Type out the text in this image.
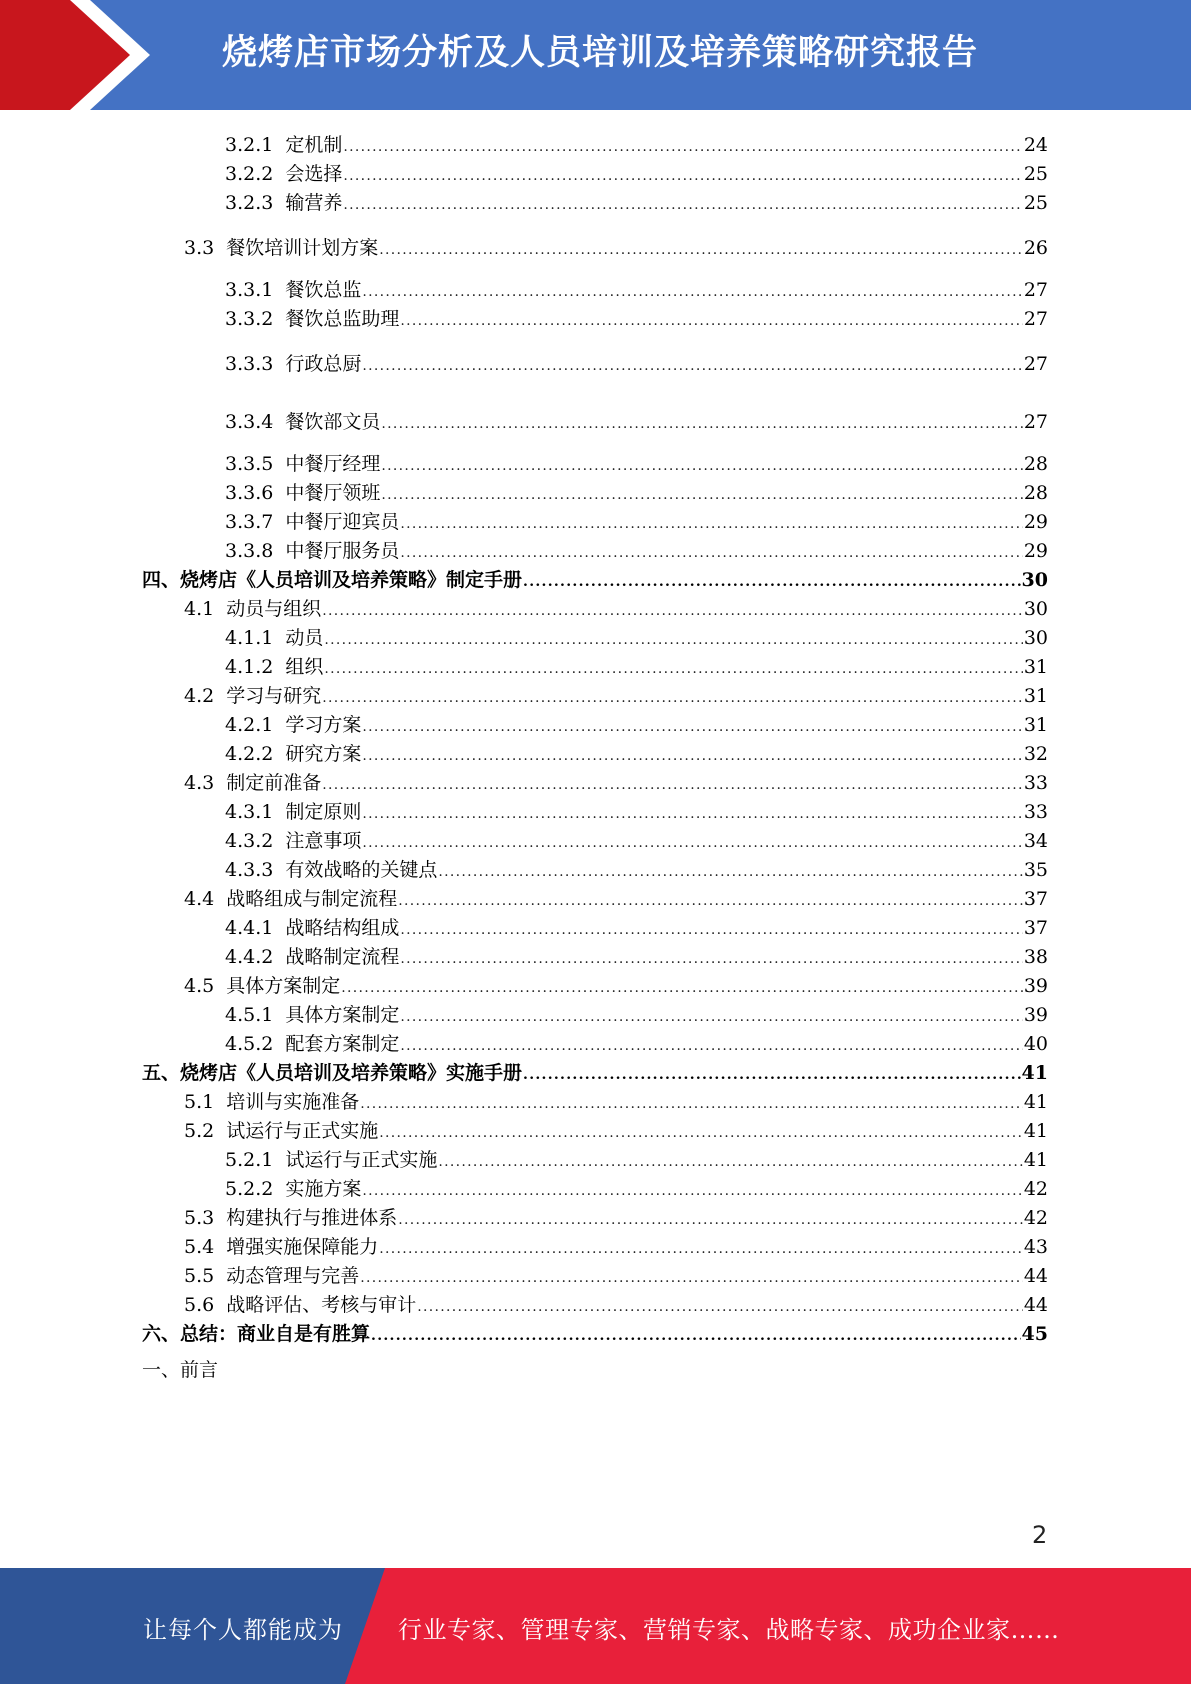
烧烤店市场分析及人员培训及培养策略研究报告
3.2.1 定机制 .....	24
3.2.2 会选择 .....	25
3.2.3 输营养 .....	25
3.3 餐饮培训计划方案 .....	26
3.3.1 餐饮总监 .....	27
3.3.2 餐饮总监助理 .....	27
3.3.3 行政总厨 .....	27
3.3.4 餐饮部文员 .....	27
3.3.5 中餐厅经理 .....	28
3.3.6 中餐厅领班 .....	28
3.3.7 中餐厅迎宾员 .....	29
3.3.8 中餐厅服务员 .....	29
四、烧烤店《人员培训及培养策略》制定手册 .....	30
4.1 动员与组织 .....	30
4.1.1 动员 .....	30
4.1.2 组织 .....	31
4.2 学习与研究 .....	31
4.2.1 学习方案 .....	31
4.2.2 研究方案 .....	32
4.3 制定前准备 .....	33
4.3.1 制定原则 .....	33
4.3.2 注意事项 .....	34
4.3.3 有效战略的关键点 .....	35
4.4 战略组成与制定流程 .....	37
4.4.1 战略结构组成 .....	37
4.4.2 战略制定流程 .....	38
4.5 具体方案制定 .....	39
4.5.1 具体方案制定 .....	39
4.5.2 配套方案制定 .....	40
五、烧烤店《人员培训及培养策略》实施手册 .....	41
5.1 培训与实施准备 .....	41
5.2 试运行与正式实施 .....	41
5.2.1 试运行与正式实施 .....	41
5.2.2 实施方案 .....	42
5.3 构建执行与推进体系 .....	42
5.4 增强实施保障能力 .....	43
5.5 动态管理与完善 .....	44
5.6 战略评估、考核与审计 .....	44
六、总结：商业自是有胜算 .....	45
一、前言
2
让每个人都能成为 行业专家、管理专家、营销专家、战略专家、成功企业家……
